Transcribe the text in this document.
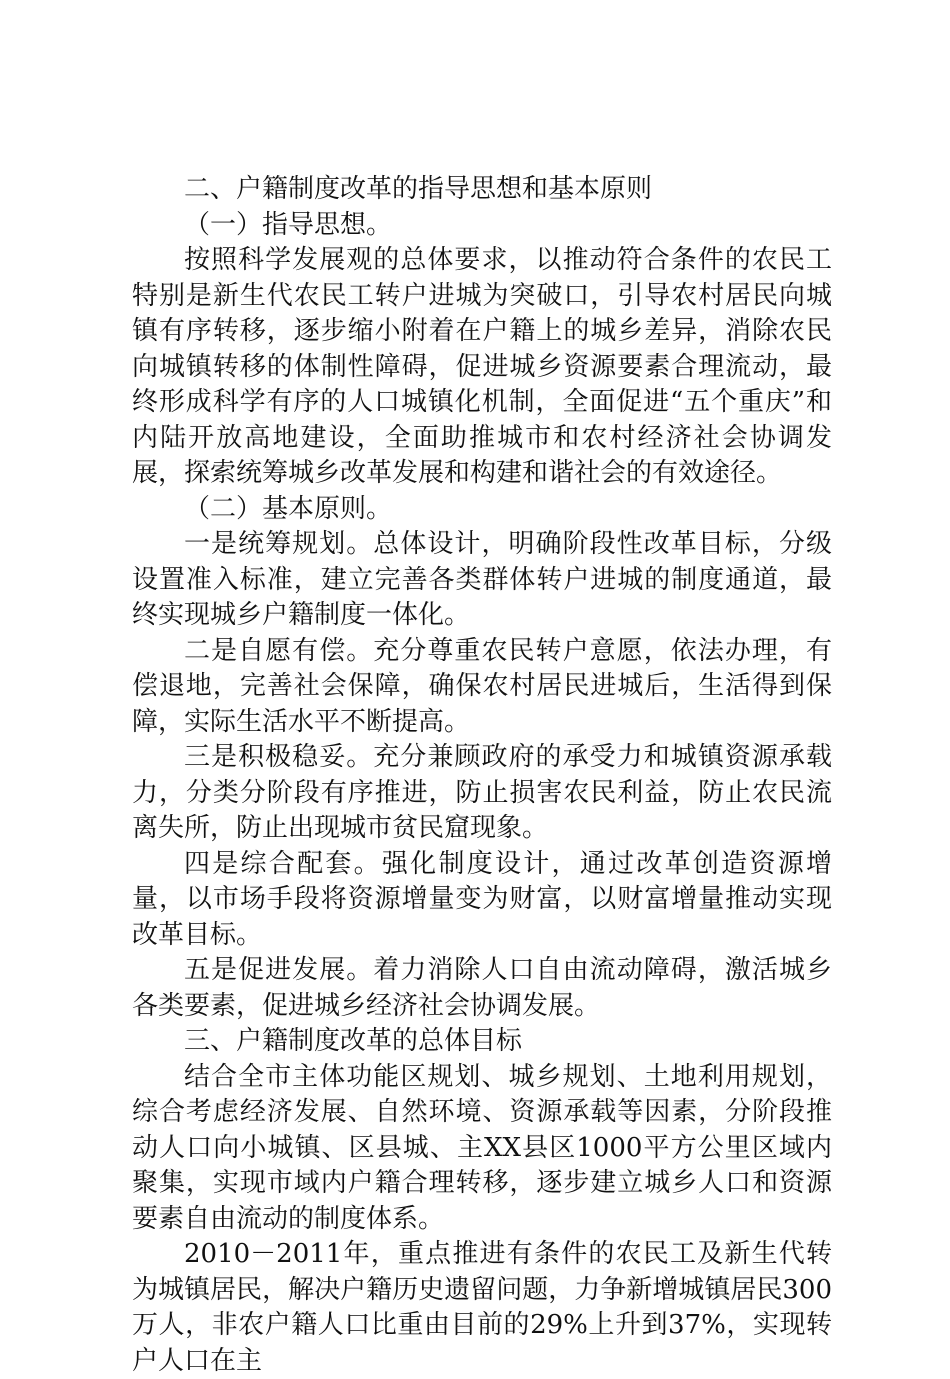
二、户籍制度改革的指导思想和基本原则

（一）指导思想。

按照科学发展观的总体要求，以推动符合条件的农民工特别是新生代农民工转户进城为突破口，引导农村居民向城镇有序转移，逐步缩小附着在户籍上的城乡差异，消除农民向城镇转移的体制性障碍，促进城乡资源要素合理流动，最终形成科学有序的人口城镇化机制，全面促进“五个重庆”和内陆开放高地建设，全面助推城市和农村经济社会协调发展，探索统筹城乡改革发展和构建和谐社会的有效途径。

（二）基本原则。

一是统筹规划。总体设计，明确阶段性改革目标，分级设置准入标准，建立完善各类群体转户进城的制度通道，最终实现城乡户籍制度一体化。

二是自愿有偿。充分尊重农民转户意愿，依法办理，有偿退地，完善社会保障，确保农村居民进城后，生活得到保障，实际生活水平不断提高。

三是积极稳妥。充分兼顾政府的承受力和城镇资源承载力，分类分阶段有序推进，防止损害农民利益，防止农民流离失所，防止出现城市贫民窟现象。

四是综合配套。强化制度设计，通过改革创造资源增量，以市场手段将资源增量变为财富，以财富增量推动实现改革目标。

五是促进发展。着力消除人口自由流动障碍，激活城乡各类要素，促进城乡经济社会协调发展。

三、户籍制度改革的总体目标

结合全市主体功能区规划、城乡规划、土地利用规划，综合考虑经济发展、自然环境、资源承载等因素，分阶段推动人口向小城镇、区县城、主XX县区1000平方公里区域内聚集，实现市域内户籍合理转移，逐步建立城乡人口和资源要素自由流动的制度体系。

2010－2011年，重点推进有条件的农民工及新生代转为城镇居民，解决户籍历史遗留问题，力争新增城镇居民300万人，非农户籍人口比重由目前的29%上升到37%，实现转户人口在主
